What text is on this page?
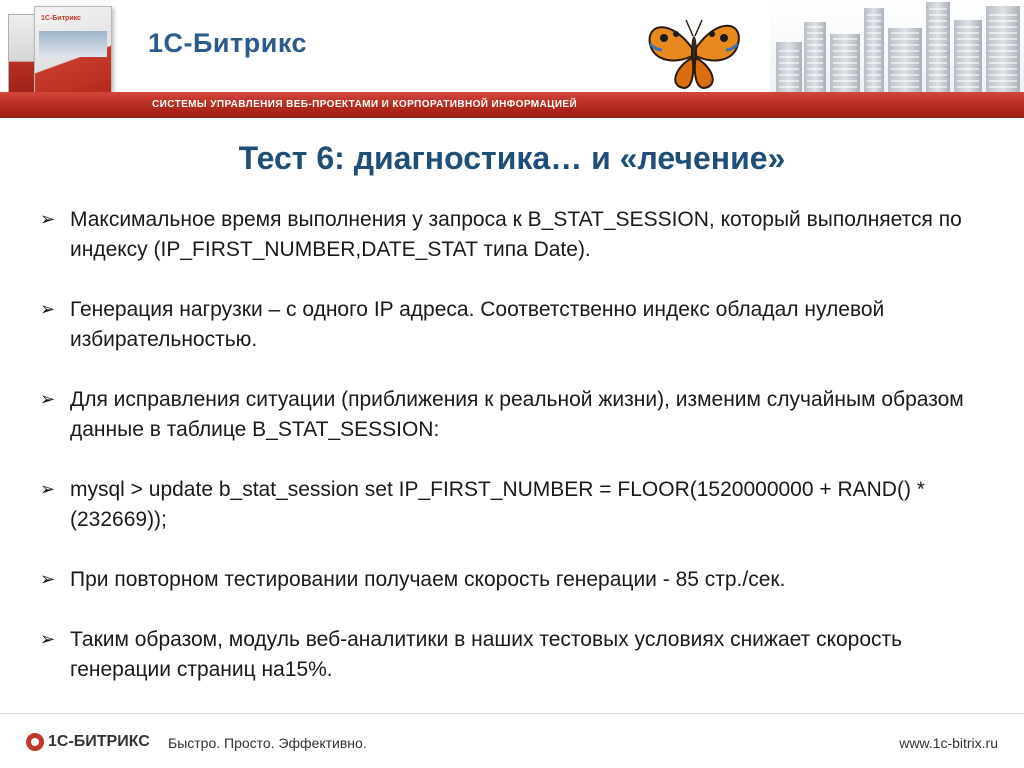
1С-Битрикс
1С-Битрикс
СИСТЕМЫ УПРАВЛЕНИЯ ВЕБ-ПРОЕКТАМИ И КОРПОРАТИВНОЙ ИНФОРМАЦИЕЙ
Тест 6: диагностика… и «лечение»
➢ Максимальное время выполнения у запроса к B_STAT_SESSION, который выполняется по индексу (IP_FIRST_NUMBER,DATE_STAT типа Date).
➢ Генерация нагрузки – с одного IP адреса. Соответственно индекс обладал нулевой избирательностью.
➢ Для исправления ситуации (приближения к реальной жизни), изменим случайным образом данные в таблице B_STAT_SESSION:
➢ mysql > update b_stat_session set IP_FIRST_NUMBER = FLOOR(1520000000 + RAND() * (232669));
➢ При повторном тестировании получаем скорость генерации - 85 стр./сек.
➢ Таким образом, модуль веб-аналитики в наших тестовых условиях снижает скорость генерации страниц на15%.
1С-БИТРИКС Быстро. Просто. Эффективно.	www.1c-bitrix.ru
